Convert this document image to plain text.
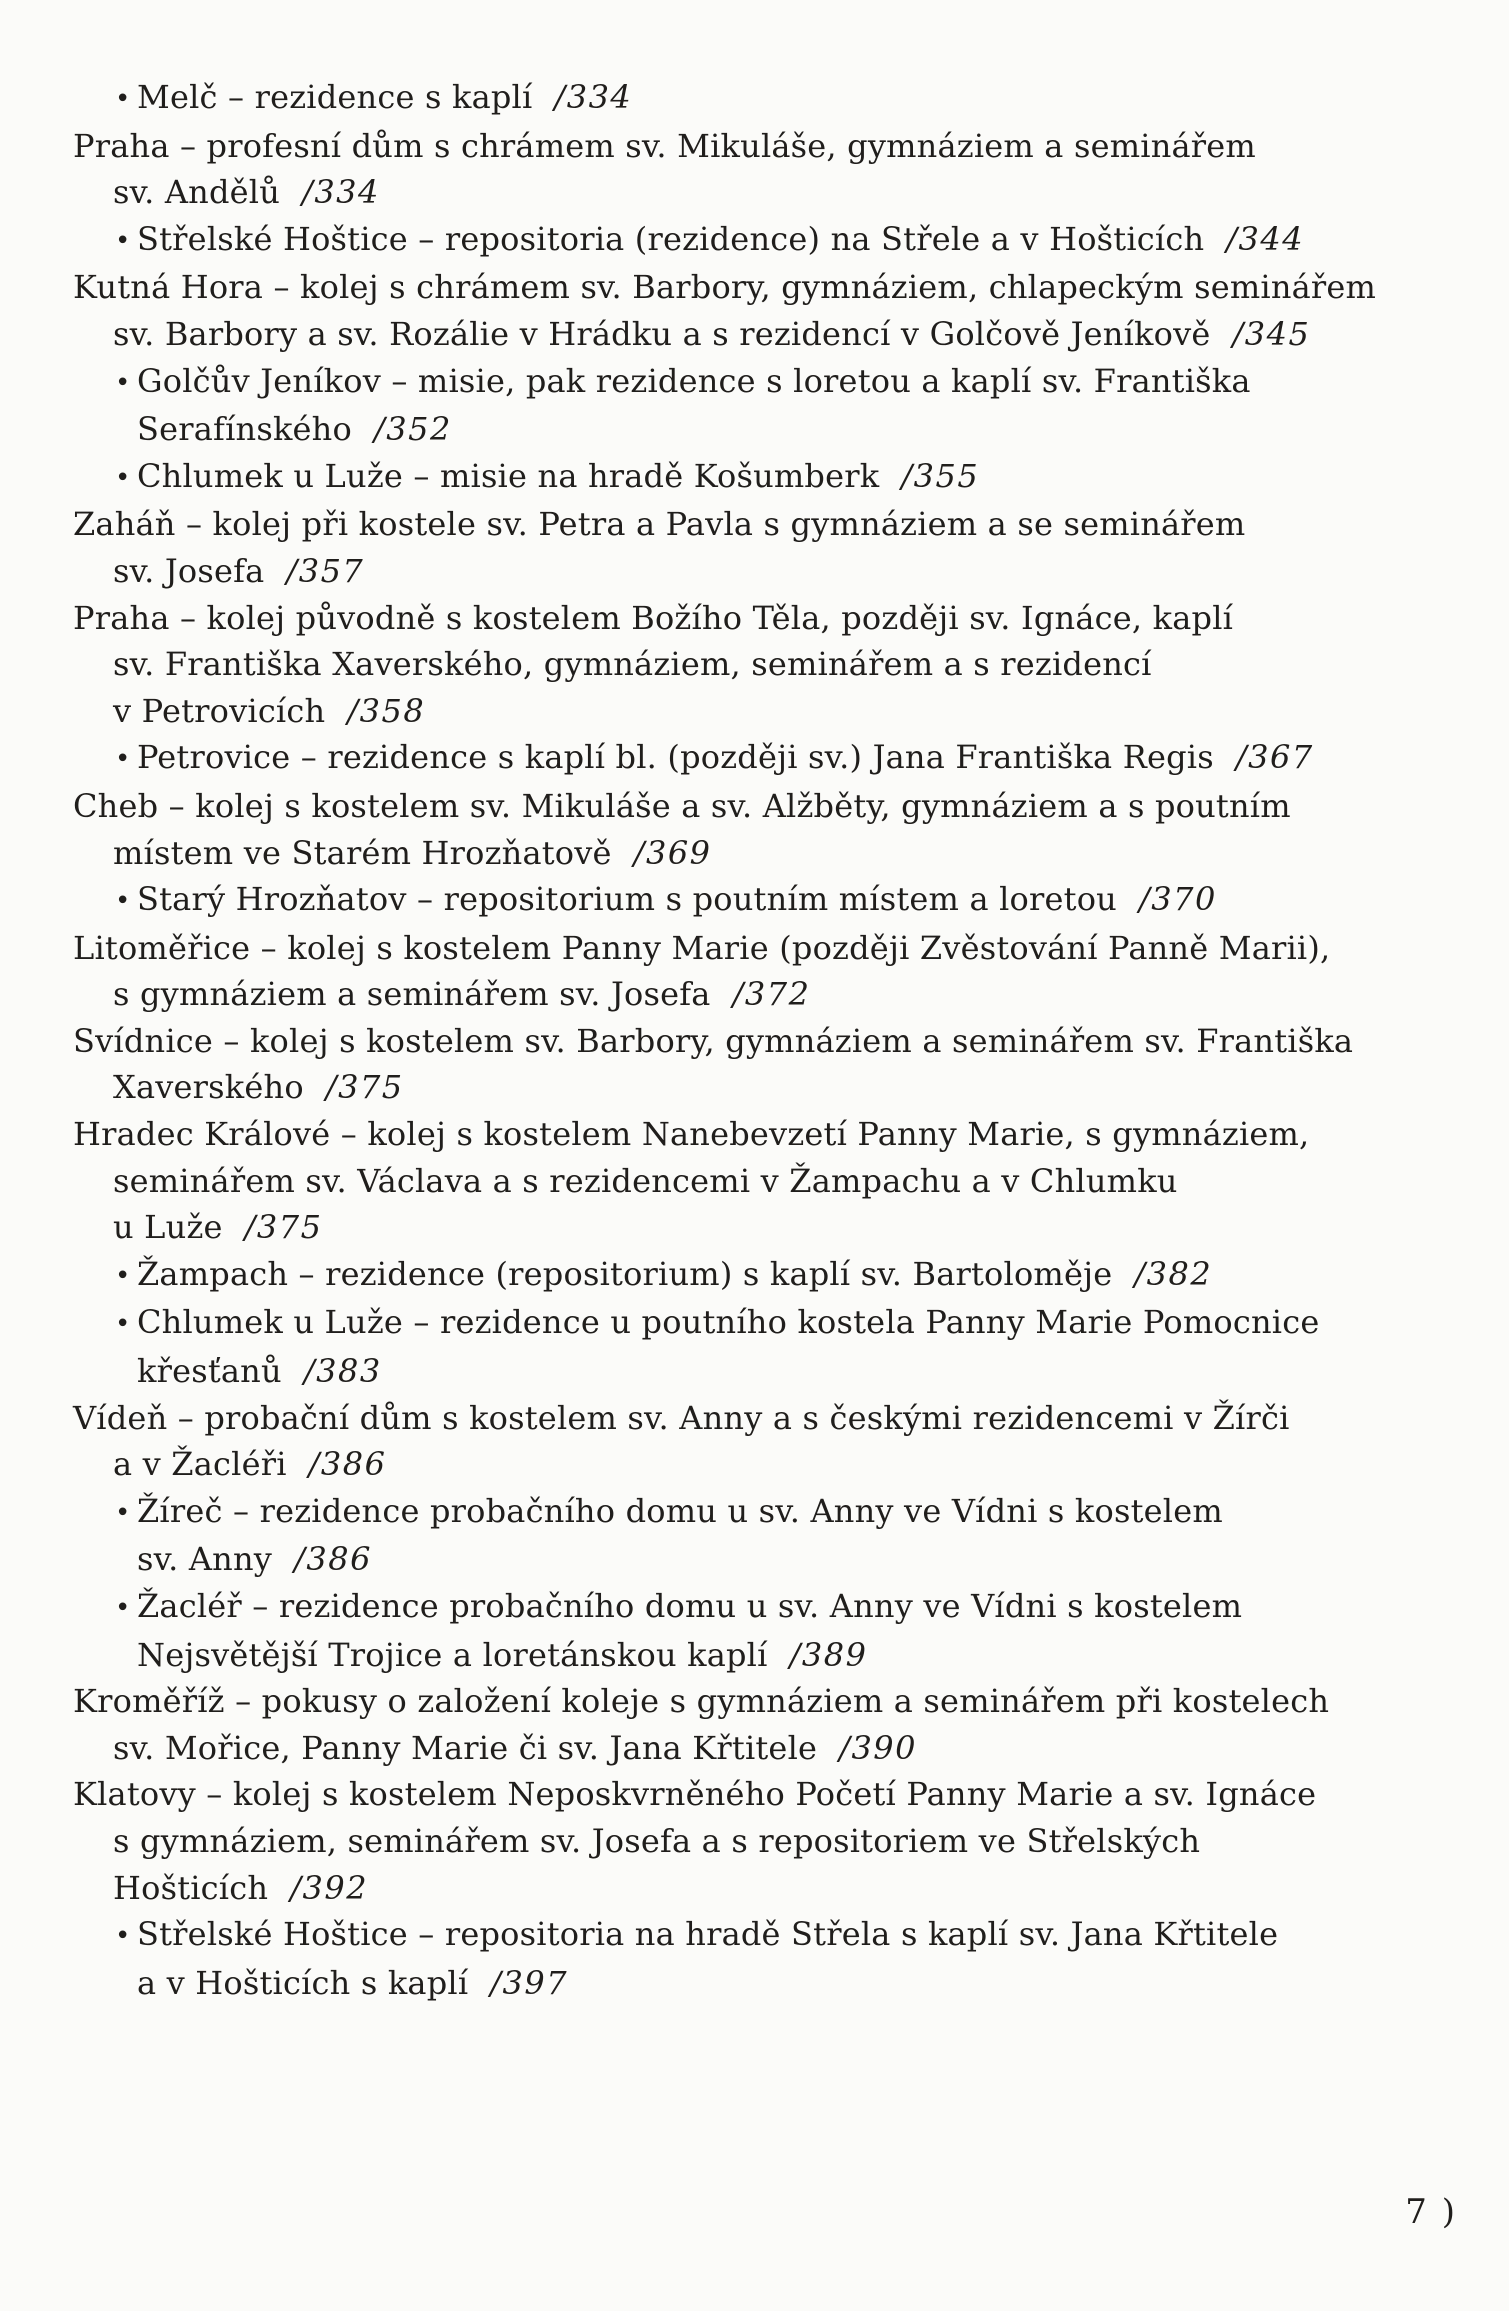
• Melč – rezidence s kaplí /334
Praha – profesní dům s chrámem sv. Mikuláše, gymnáziem a seminářem
sv. Andělů /334
• Střelské Hoštice – repositoria (rezidence) na Střele a v Hošticích /344
Kutná Hora – kolej s chrámem sv. Barbory, gymnáziem, chlapeckým seminářem
sv. Barbory a sv. Rozálie v Hrádku a s rezidencí v Golčově Jeníkově /345
• Golčův Jeníkov – misie, pak rezidence s loretou a kaplí sv. Františka
Serafínského /352
• Chlumek u Luže – misie na hradě Košumberk /355
Zaháň – kolej při kostele sv. Petra a Pavla s gymnáziem a se seminářem
sv. Josefa /357
Praha – kolej původně s kostelem Božího Těla, později sv. Ignáce, kaplí
sv. Františka Xaverského, gymnáziem, seminářem a s rezidencí
v Petrovicích /358
• Petrovice – rezidence s kaplí bl. (později sv.) Jana Františka Regis /367
Cheb – kolej s kostelem sv. Mikuláše a sv. Alžběty, gymnáziem a s poutním
místem ve Starém Hrozňatově /369
• Starý Hrozňatov – repositorium s poutním místem a loretou /370
Litoměřice – kolej s kostelem Panny Marie (později Zvěstování Panně Marii),
s gymnáziem a seminářem sv. Josefa /372
Svídnice – kolej s kostelem sv. Barbory, gymnáziem a seminářem sv. Františka
Xaverského /375
Hradec Králové – kolej s kostelem Nanebevzetí Panny Marie, s gymnáziem,
seminářem sv. Václava a s rezidencemi v Žampachu a v Chlumku
u Luže /375
• Žampach – rezidence (repositorium) s kaplí sv. Bartoloměje /382
• Chlumek u Luže – rezidence u poutního kostela Panny Marie Pomocnice
křesťanů /383
Vídeň – probační dům s kostelem sv. Anny a s českými rezidencemi v Žírči
a v Žacléři /386
• Žíreč – rezidence probačního domu u sv. Anny ve Vídni s kostelem
sv. Anny /386
• Žacléř – rezidence probačního domu u sv. Anny ve Vídni s kostelem
Nejsvětější Trojice a loretánskou kaplí /389
Kroměříž – pokusy o založení koleje s gymnáziem a seminářem při kostelech
sv. Mořice, Panny Marie či sv. Jana Křtitele /390
Klatovy – kolej s kostelem Neposkvrněného Početí Panny Marie a sv. Ignáce
s gymnáziem, seminářem sv. Josefa a s repositoriem ve Střelských
Hošticích /392
• Střelské Hoštice – repositoria na hradě Střela s kaplí sv. Jana Křtitele
a v Hošticích s kaplí /397
7 )
